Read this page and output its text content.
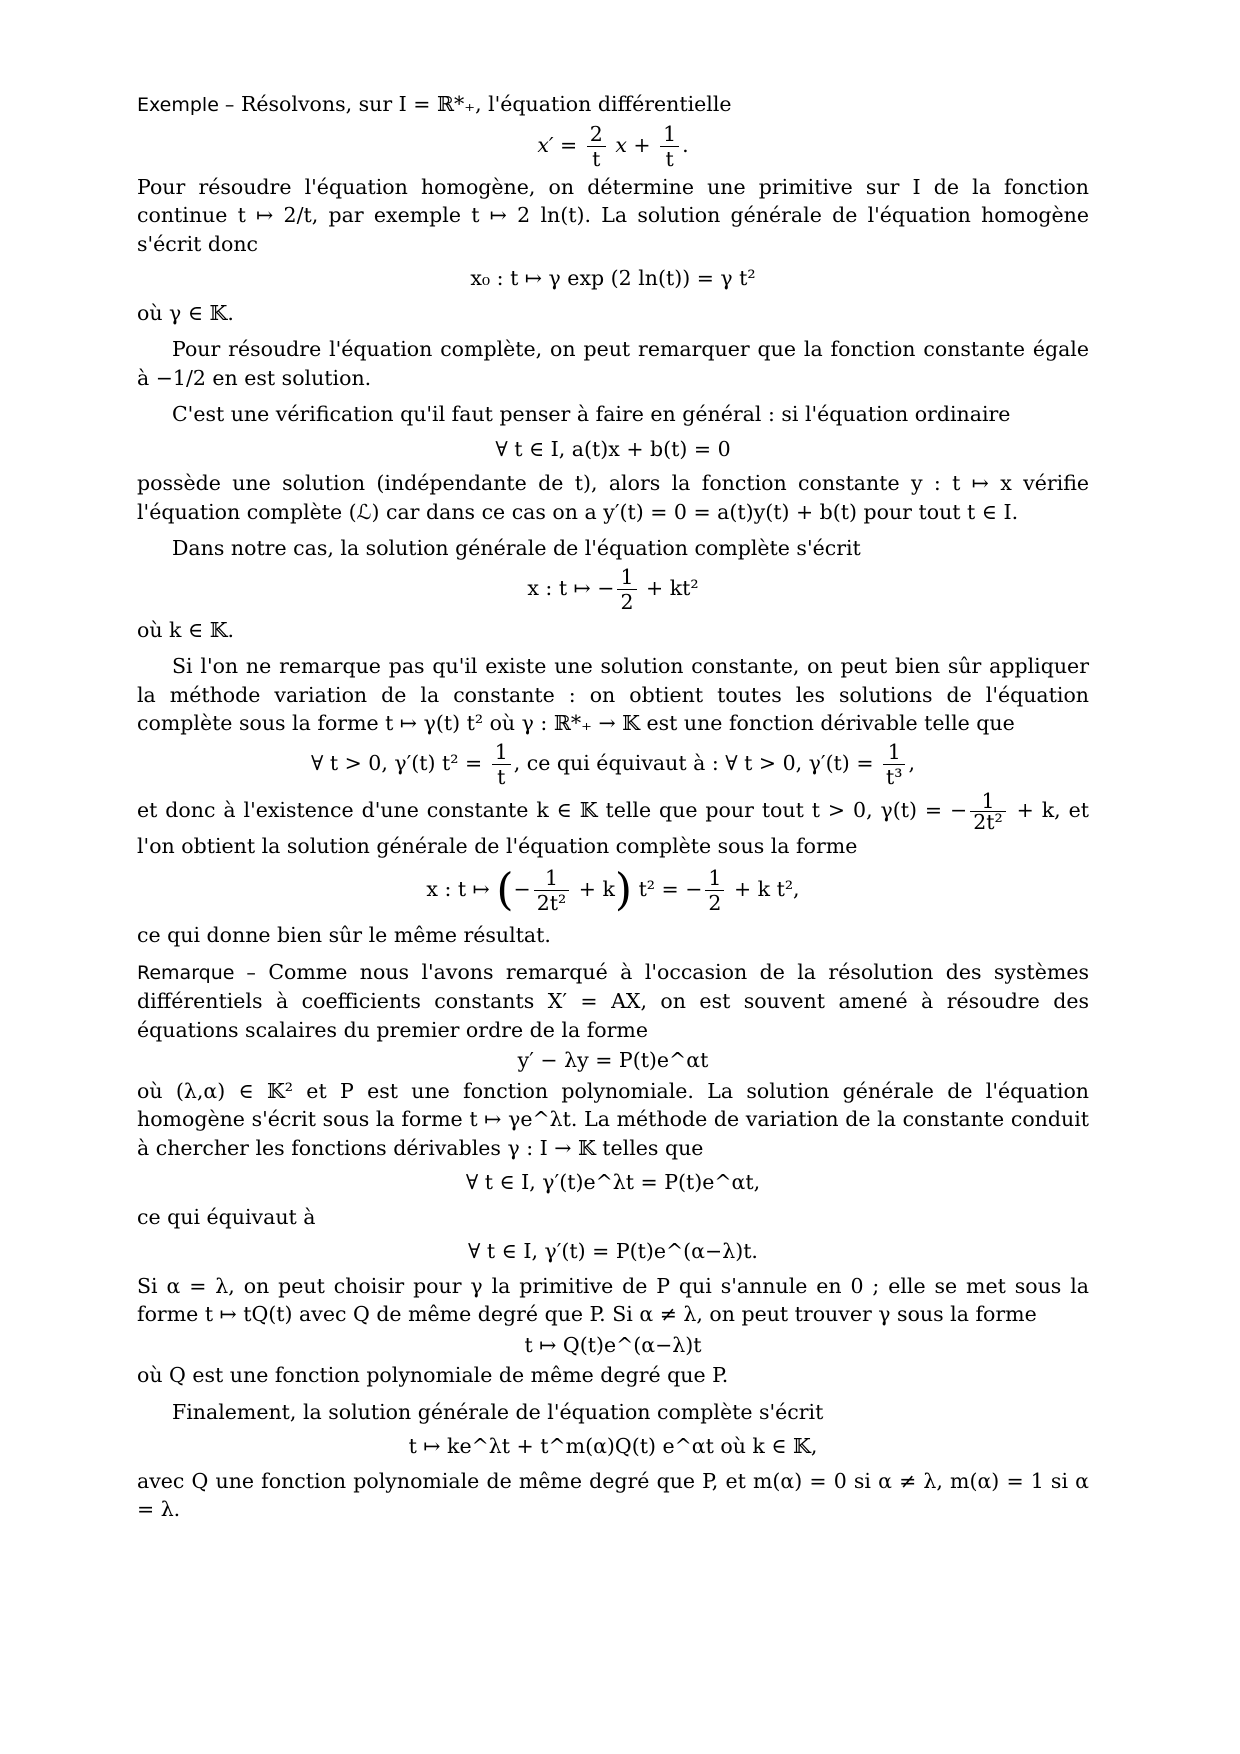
Exemple – Résolvons, sur I = ℝ*₊, l'équation différentielle

$x' = \frac{2}{t}$ $x + \frac{1}{t}$ .

Pour résoudre l'équation homogène, on détermine une primitive sur I de la fonction continue t ↦ 2/t, par exemple t ↦ 2 ln(t). La solution générale de l'équation homogène s'écrit donc

x₀ : t ↦ γ exp (2 ln(t)) = γ t²

où γ ∈ 𝕂.

Pour résoudre l'équation complète, on peut remarquer que la fonction constante égale à −1/2 en est solution.

C'est une vérification qu'il faut penser à faire en général : si l'équation ordinaire

∀ t ∈ I, a(t)x + b(t) = 0

possède une solution (indépendante de t), alors la fonction constante y : t ↦ x vérifie l'équation complète (ℒ) car dans ce cas on a y′(t) = 0 = a(t)y(t) + b(t) pour tout t ∈ I.

Dans notre cas, la solution générale de l'équation complète s'écrit

x : t ↦ − $\frac{1}{2} + kt^2$

où k ∈ 𝕂.

Si l'on ne remarque pas qu'il existe une solution constante, on peut bien sûr appliquer la méthode variation de la constante : on obtient toutes les solutions de l'équation complète sous la forme t ↦ γ(t) t² où γ : ℝ*₊ → 𝕂 est une fonction dérivable telle que

∀ t > 0, γ′(t) $t^2 = \frac{1}{t}$ , ce qui équivaut à : ∀ t > 0, $\gamma'(t) = \frac{1}{\text{t³}}$ ,

et donc à l'existence d'une constante k ∈ 𝕂 telle que pour tout t > 0, γ(t) = − $\frac{1}{\text{2t²}} + k$, et l'on obtient la solution générale de l'équation complète sous la forme

x : t ↦ (− $\frac{1}{\text{2t²}} + k$) t² = − $\frac{1}{2} + k$ t²,

ce qui donne bien sûr le même résultat.

Remarque – Comme nous l'avons remarqué à l'occasion de la résolution des systèmes différentiels à coefficients constants X′ = AX, on est souvent amené à résoudre des équations scalaires du premier ordre de la forme

y′ − λy = P(t)e^αt

où (λ,α) ∈ 𝕂² et P est une fonction polynomiale. La solution générale de l'équation homogène s'écrit sous la forme t ↦ γe^λt. La méthode de variation de la constante conduit à chercher les fonctions dérivables γ : I → 𝕂 telles que

∀ t ∈ I, γ′(t)e^λt = P(t)e^αt,

ce qui équivaut à

∀ t ∈ I, γ′(t) = P(t)e^(α−λ)t.

Si α = λ, on peut choisir pour γ la primitive de P qui s'annule en 0 ; elle se met sous la forme t ↦ tQ(t) avec Q de même degré que P. Si α ≠ λ, on peut trouver γ sous la forme

t ↦ Q(t)e^(α−λ)t

où Q est une fonction polynomiale de même degré que P.

Finalement, la solution générale de l'équation complète s'écrit

t ↦ ke^λt + t^m(α)Q(t) e^αt où k ∈ 𝕂,

avec Q une fonction polynomiale de même degré que P, et m(α) = 0 si α ≠ λ, m(α) = 1 si α = λ.
